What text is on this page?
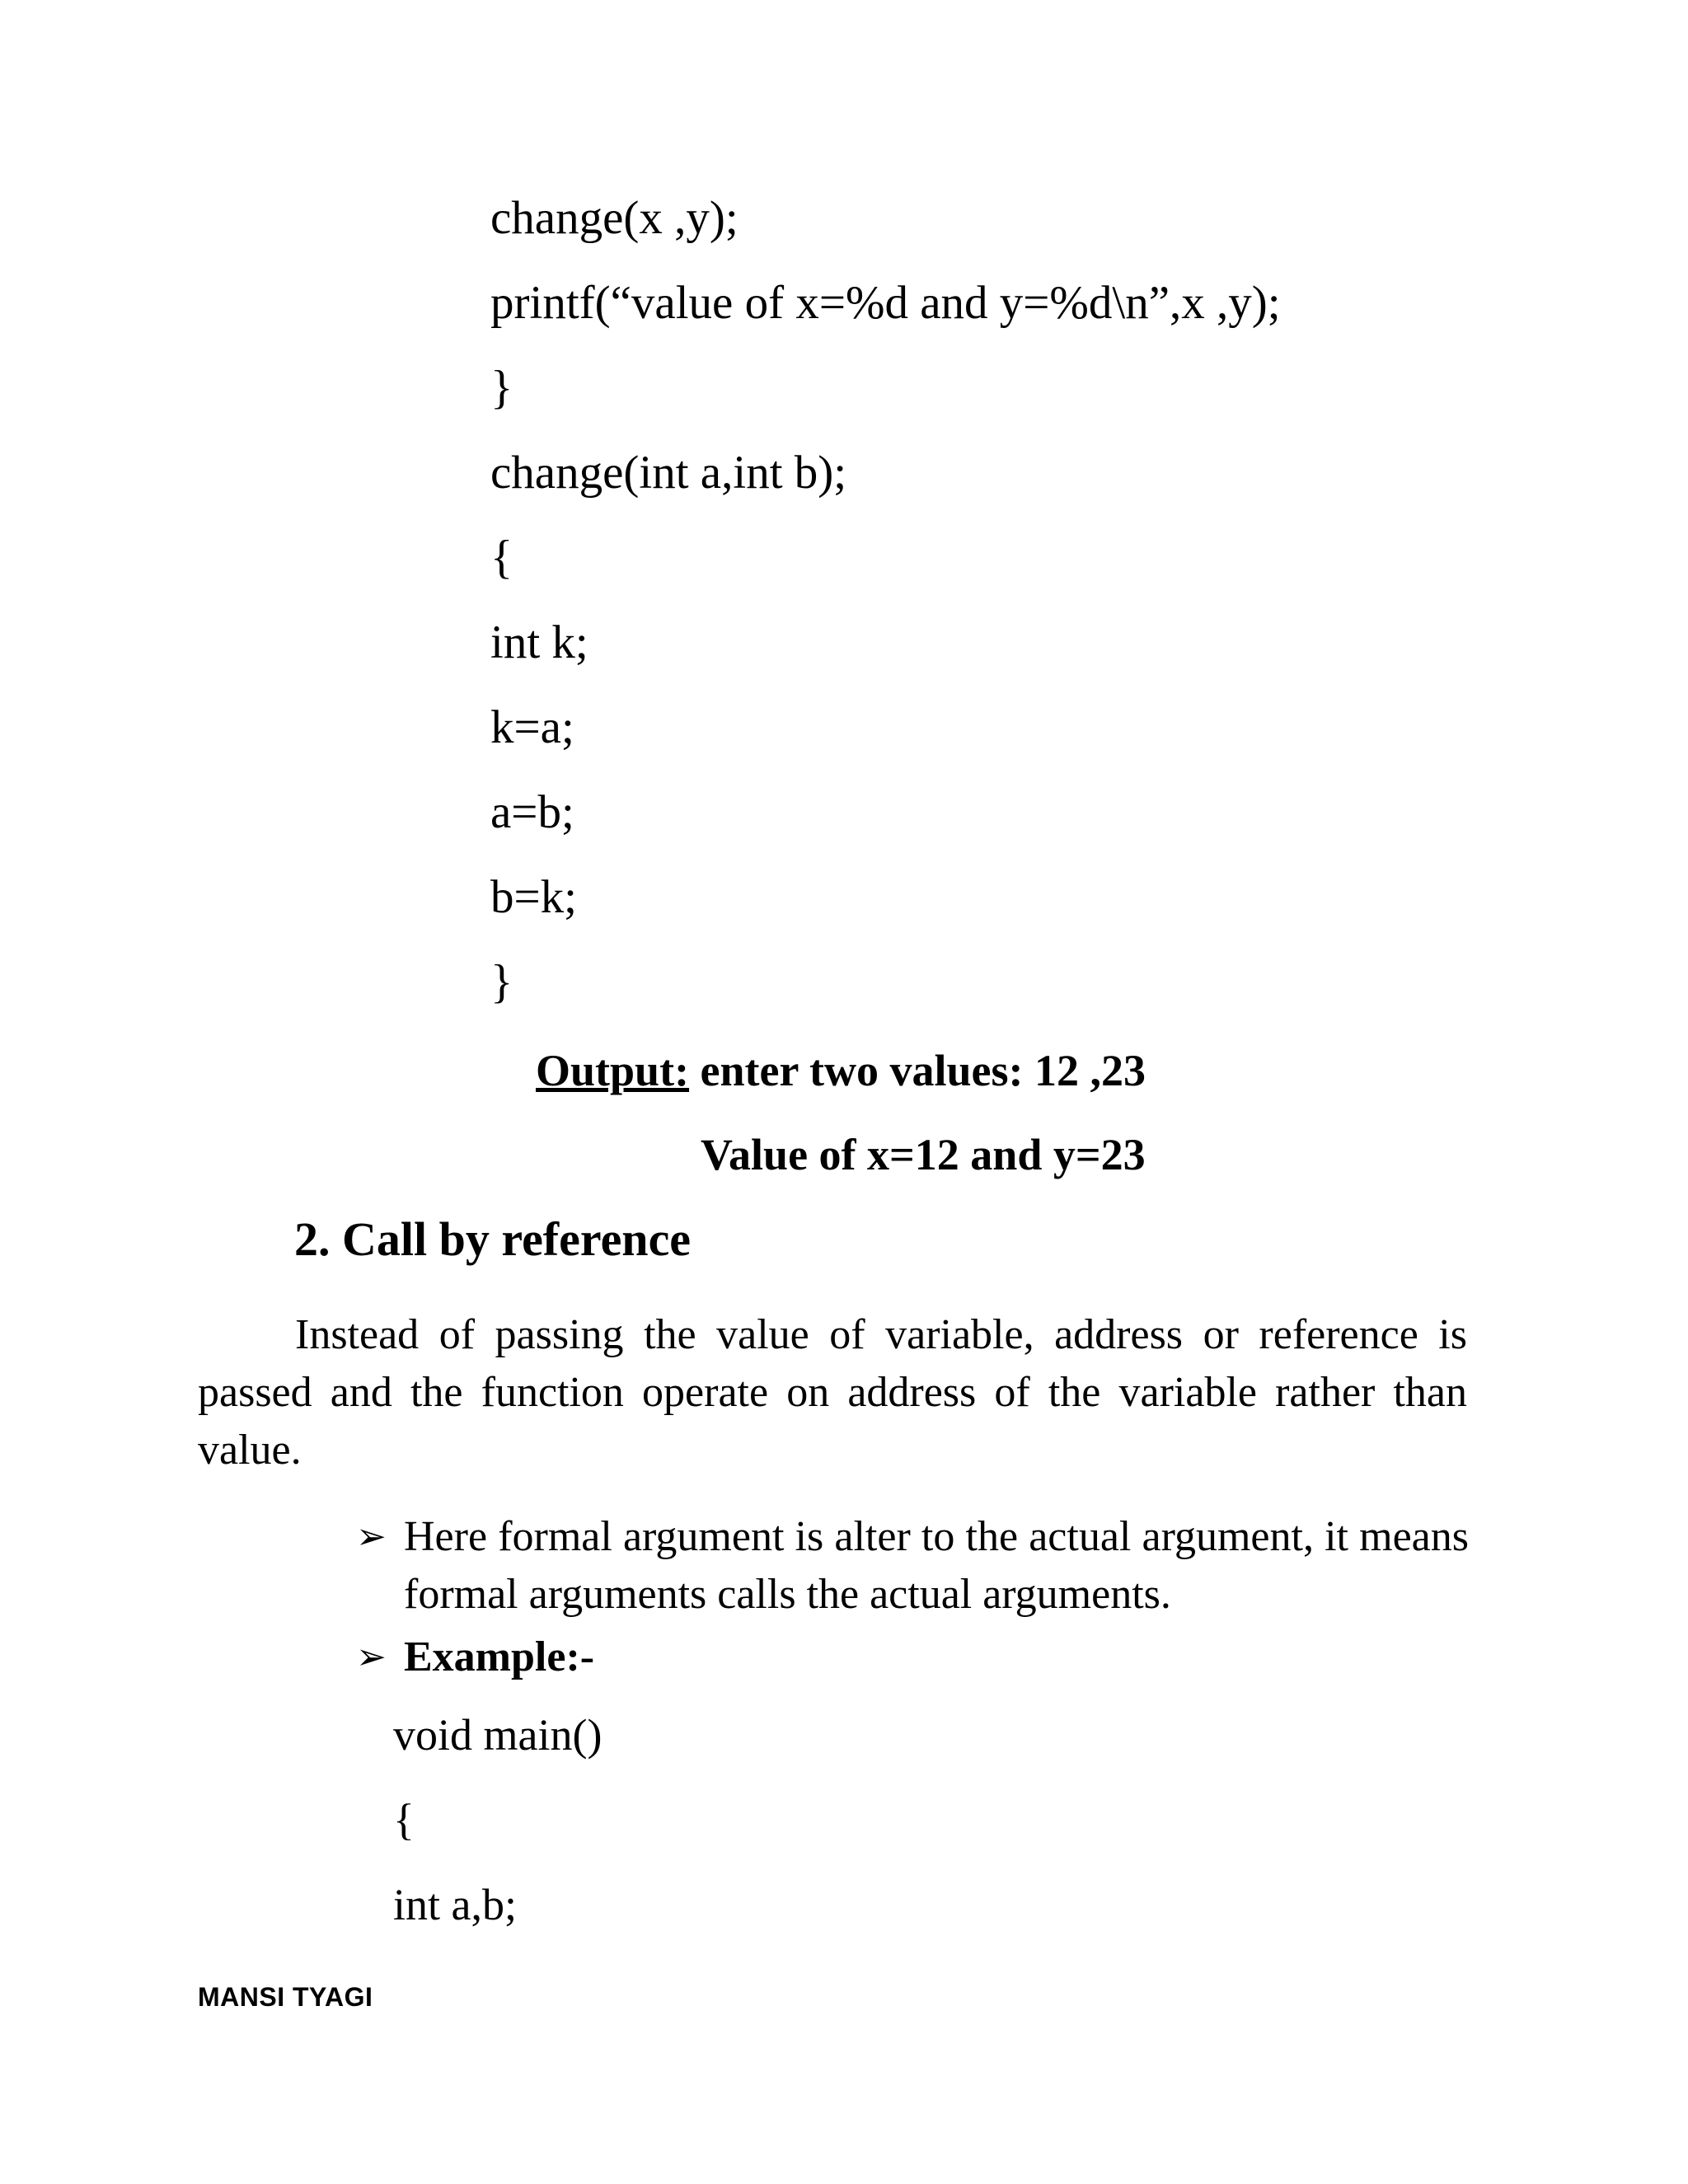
change(x ,y);
printf(“value of x=%d and y=%d\n”,x ,y);
}
change(int a,int b);
{
int k;
k=a;
a=b;
b=k;
}
Output: enter two values: 12 ,23
Value of x=12 and y=23
2. Call by reference
Instead of passing the value of variable, address or reference is passed and the function operate on address of the variable rather than value.
➢ Here formal argument is alter to the actual argument, it means formal arguments calls the actual arguments.
➢ Example:-
void main()
{
int a,b;
MANSI TYAGI
